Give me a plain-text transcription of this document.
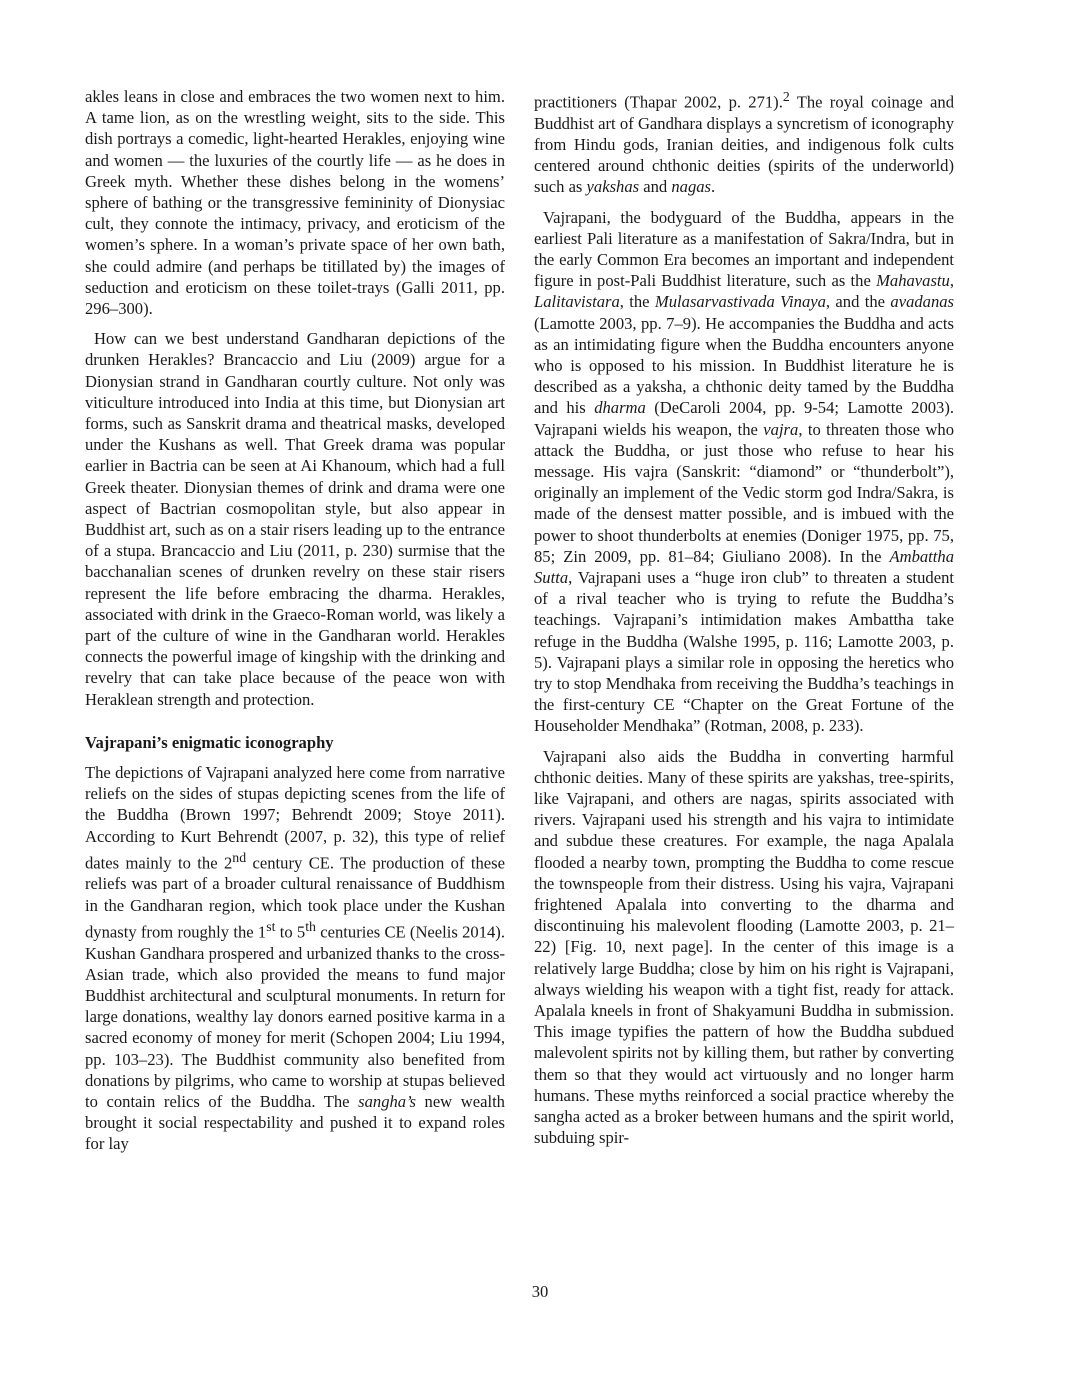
akles leans in close and embraces the two women next to him. A tame lion, as on the wrestling weight, sits to the side. This dish portrays a comedic, light-hearted Herakles, enjoying wine and women — the luxuries of the courtly life — as he does in Greek myth. Whether these dishes belong in the womens’ sphere of bathing or the transgressive femininity of Dionysiac cult, they connote the intimacy, privacy, and eroticism of the women’s sphere. In a woman’s private space of her own bath, she could admire (and perhaps be titillated by) the images of seduction and eroticism on these toilet-trays (Galli 2011, pp. 296–300).

How can we best understand Gandharan depictions of the drunken Herakles? Brancaccio and Liu (2009) argue for a Dionysian strand in Gandharan courtly culture. Not only was viticulture introduced into India at this time, but Dionysian art forms, such as Sanskrit drama and theatrical masks, developed under the Kushans as well. That Greek drama was popular earlier in Bactria can be seen at Ai Khanoum, which had a full Greek theater. Dionysian themes of drink and drama were one aspect of Bactrian cosmopolitan style, but also appear in Buddhist art, such as on a stair risers leading up to the entrance of a stupa. Brancaccio and Liu (2011, p. 230) surmise that the bacchanalian scenes of drunken revelry on these stair risers represent the life before embracing the dharma. Herakles, associated with drink in the Graeco-Roman world, was likely a part of the culture of wine in the Gandharan world. Herakles connects the powerful image of kingship with the drinking and revelry that can take place because of the peace won with Heraklean strength and protection.

Vajrapani’s enigmatic iconography

The depictions of Vajrapani analyzed here come from narrative reliefs on the sides of stupas depicting scenes from the life of the Buddha (Brown 1997; Behrendt 2009; Stoye 2011). According to Kurt Behrendt (2007, p. 32), this type of relief dates mainly to the 2nd century CE. The production of these reliefs was part of a broader cultural renaissance of Buddhism in the Gandharan region, which took place under the Kushan dynasty from roughly the 1st to 5th centuries CE (Neelis 2014). Kushan Gandhara prospered and urbanized thanks to the cross-Asian trade, which also provided the means to fund major Buddhist architectural and sculptural monuments. In return for large donations, wealthy lay donors earned positive karma in a sacred economy of money for merit (Schopen 2004; Liu 1994, pp. 103–23). The Buddhist community also benefited from donations by pilgrims, who came to worship at stupas believed to contain relics of the Buddha. The sangha’s new wealth brought it social respectability and pushed it to expand roles for lay

practitioners (Thapar 2002, p. 271).$^2$ The royal coinage and Buddhist art of Gandhara displays a syncretism of iconography from Hindu gods, Iranian deities, and indigenous folk cults centered around chthonic deities (spirits of the underworld) such as yakshas and nagas.

Vajrapani, the bodyguard of the Buddha, appears in the earliest Pali literature as a manifestation of Sakra/Indra, but in the early Common Era becomes an important and independent figure in post-Pali Buddhist literature, such as the Mahavastu, Lalitavistara, the Mulasarvastivada Vinaya, and the avadanas (Lamotte 2003, pp. 7–9). He accompanies the Buddha and acts as an intimidating figure when the Buddha encounters anyone who is opposed to his mission. In Buddhist literature he is described as a yaksha, a chthonic deity tamed by the Buddha and his dharma (DeCaroli 2004, pp. 9-54; Lamotte 2003). Vajrapani wields his weapon, the vajra, to threaten those who attack the Buddha, or just those who refuse to hear his message. His vajra (Sanskrit: “diamond” or “thunderbolt”), originally an implement of the Vedic storm god Indra/Sakra, is made of the densest matter possible, and is imbued with the power to shoot thunderbolts at enemies (Doniger 1975, pp. 75, 85; Zin 2009, pp. 81–84; Giuliano 2008). In the Ambattha Sutta, Vajrapani uses a “huge iron club” to threaten a student of a rival teacher who is trying to refute the Buddha’s teachings. Vajrapani’s intimidation makes Ambattha take refuge in the Buddha (Walshe 1995, p. 116; Lamotte 2003, p. 5). Vajrapani plays a similar role in opposing the heretics who try to stop Mendhaka from receiving the Buddha’s teachings in the first-century CE “Chapter on the Great Fortune of the Householder Mendhaka” (Rotman, 2008, p. 233).

Vajrapani also aids the Buddha in converting harmful chthonic deities. Many of these spirits are yakshas, tree-spirits, like Vajrapani, and others are nagas, spirits associated with rivers. Vajrapani used his strength and his vajra to intimidate and subdue these creatures. For example, the naga Apalala flooded a nearby town, prompting the Buddha to come rescue the townspeople from their distress. Using his vajra, Vajrapani frightened Apalala into converting to the dharma and discontinuing his malevolent flooding (Lamotte 2003, p. 21–22) [Fig. 10, next page]. In the center of this image is a relatively large Buddha; close by him on his right is Vajrapani, always wielding his weapon with a tight fist, ready for attack. Apalala kneels in front of Shakyamuni Buddha in submission. This image typifies the pattern of how the Buddha subdued malevolent spirits not by killing them, but rather by converting them so that they would act virtuously and no longer harm humans. These myths reinforced a social practice whereby the sangha acted as a broker between humans and the spirit world, subduing spir-

30
